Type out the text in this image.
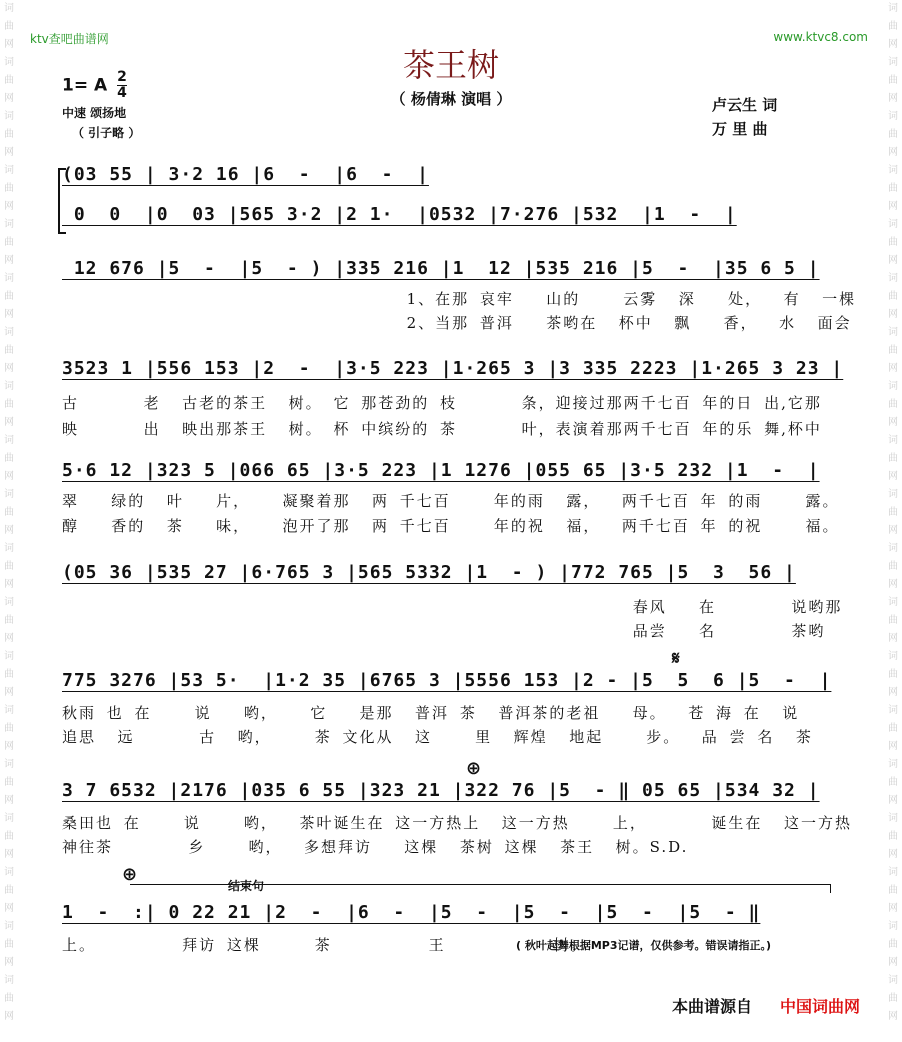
词曲网词曲网词曲网词曲网词曲网词曲网词曲网词曲网词曲网词曲网词曲网词曲网词曲网词曲网词曲网词曲网词曲网词曲网词曲网
词曲网词曲网词曲网词曲网词曲网词曲网词曲网词曲网词曲网词曲网词曲网词曲网词曲网词曲网词曲网词曲网词曲网词曲网词曲网
ktv查吧曲谱网	www.ktvc8.com
茶王树
（ 杨倩琳 演唱 ）
1= A $\frac{2}{4}$
中速 颂扬地
（ 引子略 ）
卢云生 词
万 里 曲
(03 55 | 3·2 16 |6  -  |6  -  |
0  0  |0  03 |565 3·2 |2 1·  |0532 |7·276 |532  |1  -  |
12 676 |5  -  |5  - ) |335 216 |1  12 |535 216 |5  -  |35 6 5 |
1、在那 哀牢   山的    云雾  深   处，  有  一棵
2、当那 普洱   茶哟在  杯中  飘   香，  水  面会
3523 1 |556 153 |2  -  |3·5 223 |1·265 3 |3 335 2223 |1·265 3 23 |
古      老  古老的茶王  树。 它 那苍劲的 枝      条，迎接过那两千七百 年的日 出,它那
映      出  映出那茶王  树。 杯 中缤纷的 茶      叶，表演着那两千七百 年的乐 舞,杯中
5·6 12 |323 5 |066 65 |3·5 223 |1 1276 |055 65 |3·5 232 |1  -  |
翠   绿的  叶   片，   凝聚着那  两 千七百    年的雨  露，  两千七百 年 的雨    露。
醇   香的  茶   味，   泡开了那  两 千七百    年的祝  福，  两千七百 年 的祝    福。
(05 36 |535 27 |6·765 3 |565 5332 |1  - ) |772 765 |5  3  56 |
春风   在       说哟那
品尝   名       茶哟
𝄋
775 3276 |53 5·  |1·2 35 |6765 3 |5556 153 |2 - |5  5  6 |5  -  |
秋雨 也 在    说   哟，   它   是那  普洱 茶  普洱茶的老祖   母。  苍 海 在  说
追思  远      古  哟，    茶 文化从  这    里  辉煌  地起    步。  品 尝 名  茶
⊕
3 7 6532 |2176 |035 6 55 |323 21 |322 76 |5  - ‖ 05 65 |534 32 |
桑田也 在    说    哟，  茶叶诞生在 这一方热上  这一方热    上，      诞生在  这一方热
神往茶       乡    哟，  多想拜访   这棵  茶树 这棵  茶王  树。S.D.
⊕
结束句
1  -  :| 0 22 21 |2  -  |6  -  |5  -  |5  -  |5  -  |5  - ‖
上。        拜访 这棵     茶         王          树。
( 秋叶起舞根据MP3记谱，仅供参考。错误请指正。)
本曲谱源自 中国词曲网
